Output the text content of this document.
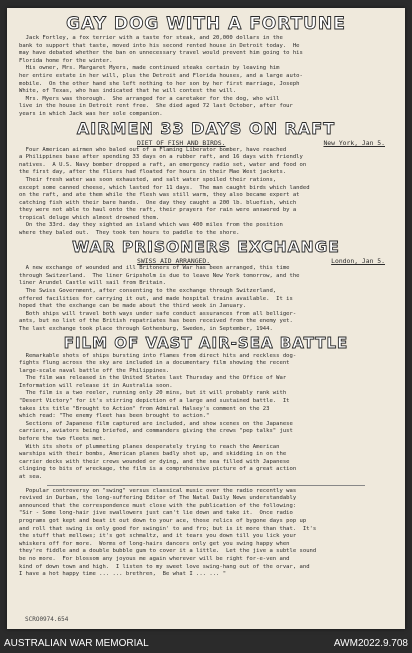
GAY DOG WITH A FORTUNE
Jack Fortley, a fox terrier with a taste for steak, and 20,000 dollars in the
bank to support that taste, moved into his second rented house in Detroit today.  He
may have debated whether the ban on unnecessary travel would prevent him going to his
Florida home for the winter.
His owner, Mrs. Margaret Myers, made continued steaks certain by leaving him
her entire estate in her will, plus the Detroit and Florida houses, and a large auto-
mobile.  On the other hand she left nothing to her son by her first marriage, Joseph
White, of Texas, who has indicated that he will contest the will.
Mrs. Myers was thorough.  She arranged for a caretaker for the dog, who will
live in the house in Detroit rent free.  She died aged 72 last October, after four
years in which Jack was her sole companion.
AIRMEN 33 DAYS ON RAFT
DIET OF FISH AND BIRDS.	New York, Jan 5.
Four American airmen who baled out of a Flaming Liberator bomber, have reached
a Philippines base after spending 33 days on a rubber raft, and 16 days with friendly
natives.  A U.S. Navy bomber dropped a raft, an emergency radio set, water and food on
the first day, after the fliers had floated for hours in their Mae West jackets.
Their fresh water was soon exhausted, and salt water spoiled their rations,
except some canned cheese, which lasted for 11 days.  The man caught birds which landed
on the raft, and ate them while the flesh was still warm, they also became expert at
catching fish with their bare hands.  One day they caught a 200 lb. bluefish, which
they were not able to haul onto the raft, their prayers for rain were answered by a
tropical deluge which almost drowned them.
On the 33rd. day they sighted an island which was 400 miles from the position
where they baled out.  They took ten hours to paddle to the shore.
WAR PRISONERS EXCHANGE
SWISS AID ARRANGED.	London, Jan 5.
A new exchange of wounded and ill Britoners of War has been arranged, this time
through Switzerland.  The liner Gripsholm is due to leave New York tomorrow, and the
liner Arundel Castle will sail from Britain.
The Swiss Government, after consenting to the exchange through Switzerland,
offered facilities for carrying it out, and made hospital trains available.  It is
hoped that the exchange can be made about the third week in January.
Both ships will travel both ways under safe conduct assurances from all belliger-
ants, but no list of the British repatriates has been received from the enemy yet.
The last exchange took place through Gothenburg, Sweden, in September, 1944.
FILM OF VAST AIR-SEA BATTLE
Remarkable shots of ships bursting into flames from direct hits and reckless dog-
fights flung across the sky are included in a documentary film showing the recent
large-scale naval battle off the Philippines.
The film was released in the United States last Thursday and the Office of War
Information will release it in Australia soon.
The film is a two reeler, running only 20 mins, but it will probably rank with
"Desert Victory" for it's stirring depiction of a large and sustained battle.  It
takes its title "Brought to Action" from Admiral Halsey's comment on the 23
which read: "The enemy fleet has been brought to action."
Sections of Japanese film captured are included, and show scenes on the Japanese
carriers, aviators being briefed, and commanders giving the crews "pep talks" just
before the two fleets met.
With its shots of plummeting planes desperately trying to reach the American
warships with their bombs, American planes badly shot up, and skidding in on the
carrier decks with their crews wounded or dying, and the sea filled with Japanese
clinging to bits of wreckage, the film is a comprehensive picture of a great action
at sea.
Popular controversy on "swing" versus classical music over the radio recently was
revived in Durban, the long-suffering Editor of The Natal Daily News understandably
announced that the correspondence must close with the publication of the following:
"Sir - Some long-hair jive swallowers just can't lie down and take it.  Once radio
programs got kept and beat it out down to your ace, those relics of bygone days pop up
and roll that swing is only good for swingin' to and fro; but is it more than that.  It's
the stuff that mellows; it's got schmaltz, and it tears you down till you lick your
whiskers off for more.  Worms of long-hairs dancers only get you swing happy when
they're fiddle and a double bubble gum to cover it a little.  Let the jive a subtle sound
be no more.  For blossom any joyous me again wherever will be right for-e-ven and
kind of down town and high.  I listen to my sweet love swing-hang out of the orvar, and
I have a hot happy time ... ... brethren,  Be what I ... ... "
SCRO0974.654
AUSTRALIAN WAR MEMORIAL	AWM2022.9.708
